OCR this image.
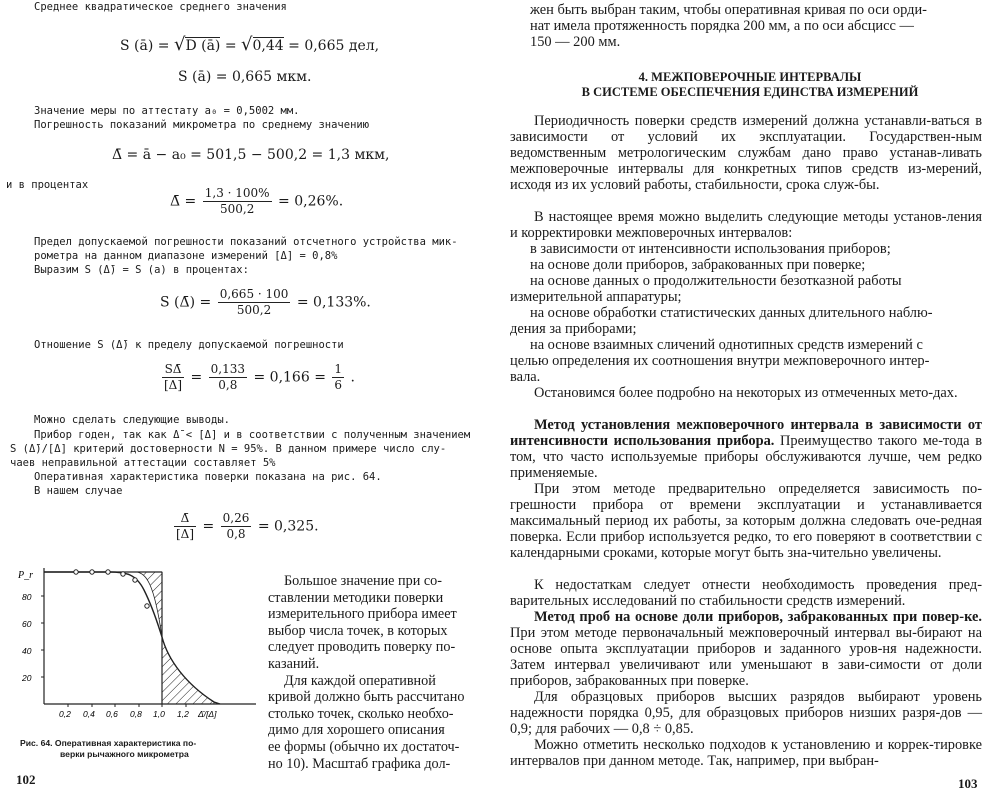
Среднее квадратическое среднего значения
S (ā) = √D (ā) = √0,44 = 0,665 дел,
S (ā) = 0,665 мкм.
Значение меры по аттестату a₀ = 0,5002 мм.
Погрешность показаний микрометра по среднему значению
Δ̄ = ā − a₀ = 501,5 − 500,2 = 1,3 мкм,
и в процентах
Δ̄ = $\frac{1,3 \cdot 100\%}{500,2} = 0,26\%$.
Предел допускаемой погрешности показаний отсчетного устройства мик-
рометра на данном диапазоне измерений [Δ] = 0,8%
Выразим S (Δ̄) = S (a) в процентах:
S (Δ̄) = $\frac{0,665 \cdot 100}{500,2} = 0,133\%$.
Отношение S (Δ̄) к пределу допускаемой погрешности
$\frac{S\Deltā}{[\Delta]} = \frac{0,133}{0,8} = 0,166 = \frac{1}{6}$ .
Можно сделать следующие выводы.
Прибор годен, так как Δ̄ < [Δ] и в соответствии с полученным значением
S (Δ̄)/[Δ] критерий достоверности N = 95%. В данном примере число слу-
чаев неправильной аттестации составляет 5%
Оперативная характеристика поверки показана на рис. 64.
В нашем случае
$\frac{\Deltā}{[\Delta]} = \frac{0,26}{0,8} = 0,325$.
P_r
80
60
40
20
0,2 0,4 0,6 0,8 1,0 1,2 Δ̄/[Δ]
Большое значение при со-
ставлении методики поверки
измерительного прибора имеет
выбор числа точек, в которых
следует проводить поверку по-
казаний.
Для каждой оперативной
кривой должно быть рассчитано
столько точек, сколько необхо-
димо для хорошего описания
ее формы (обычно их достаточ-
но 10). Масштаб графика дол-
Рис. 64. Оперативная характеристика по-
верки рычажного микрометра
102
жен быть выбран таким, чтобы оперативная кривая по оси орди-
нат имела протяженность порядка 200 мм, а по оси абсцисс —
150 — 200 мм.
4. МЕЖПОВЕРОЧНЫЕ ИНТЕРВАЛЫ
В СИСТЕМЕ ОБЕСПЕЧЕНИЯ ЕДИНСТВА ИЗМЕРЕНИЙ
Периодичность поверки средств измерений должна устанавли-ваться в зависимости от условий их эксплуатации. Государствен-ным ведомственным метрологическим службам дано право устанав-ливать межповерочные интервалы для конкретных типов средств из-мерений, исходя из их условий работы, стабильности, срока служ-бы.
В настоящее время можно выделить следующие методы установ-ления и корректировки межповерочных интервалов:
в зависимости от интенсивности использования приборов;
на основе доли приборов, забракованных при поверке;
на основе данных о продолжительности безотказной работы
измерительной аппаратуры;
на основе обработки статистических данных длительного наблю-
дения за приборами;
на основе взаимных сличений однотипных средств измерений с
целью определения их соотношения внутри межповерочного интер-
вала.
Остановимся более подробно на некоторых из отмеченных мето-дах.
Метод установления межповерочного интервала в зависимости от интенсивности использования прибора. Преимущество такого ме-тода в том, что часто используемые приборы обслуживаются лучше, чем редко применяемые.
При этом методе предварительно определяется зависимость по-грешности прибора от времени эксплуатации и устанавливается максимальный период их работы, за которым должна следовать оче-редная поверка. Если прибор используется редко, то его поверяют в соответствии с календарными сроками, которые могут быть зна-чительно увеличены.
К недостаткам следует отнести необходимость проведения пред-варительных исследований по стабильности средств измерений.
Метод проб на основе доли приборов, забракованных при повер-ке. При этом методе первоначальный межповерочный интервал вы-бирают на основе опыта эксплуатации приборов и заданного уров-ня надежности. Затем интервал увеличивают или уменьшают в зави-симости от доли приборов, забракованных при поверке.
Для образцовых приборов высших разрядов выбирают уровень надежности порядка 0,95, для образцовых приборов низших разря-дов — 0,9; для рабочих — 0,8 ÷ 0,85.
Можно отметить несколько подходов к установлению и коррек-тировке интервалов при данном методе. Так, например, при выбран-
103
